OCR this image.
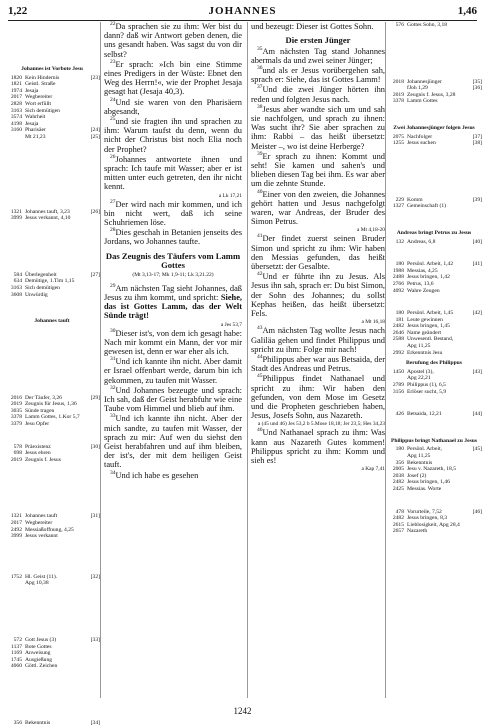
1,22	JOHANNES	1,46
Johannes ist Vorbote Jesu
1820 Kein Hindernis	[23]
1821 Geistl. Straße
1974 Jesaja
2017 Wegbereiter
2828 Wort erfüllt
3163 Sich demütigen
3574 Wahrheit
4198 Jesaja
3160 Pharisäer	[24]
Mt 21,23	[25]
1321 Johannes tauft, 3,23	[26]
3999 Jesus verkannt, 4,10
584 Überlegenheit	[27]
634 Demütige, 1.Tim 1,15
3163 Sich demütigen
3608 Unwürdig
Johannes tauft
2016 Der Täufer, 3,26	[29]
2019 Zeugnis für Jesus, 1,36
3035 Sünde tragen
3378 Lamm Gottes, 1.Kor 5,7
3379 Jesu Opfer
578 Präexistenz	[30]
698 Jesus ehren
2019 Zeugnis f. Jesus
1321 Johannes tauft	[31]
2017 Wegbereiter
2492 Messiaßoffnung, 4,25
3999 Jesus verkannt
1752 Hl. Geist (11).	[32]
Apg 10,38
572 Gott Jesus (3)	[33]
1137 Bote Gottes
1169 Anweisung
1745 Ausgießung
4060 Göttl. Zeichen
356 Bekenntnis	[34]

$^{22}$Da sprachen sie zu ihm: Wer bist du dann? daß wir Antwort geben denen, die uns gesandt haben. Was sagst du von dir selbst?

$^{23}$Er sprach: »Ich bin eine Stimme eines Predigers in der Wüste: Ebnet den Weg des Herrn!«, wie der Prophet Jesaja gesagt hat (Jesaja 40,3).

$^{24}$Und sie waren von den Pharisäern abgesandt,

$^{25}$und sie fragten ihn und sprachen zu ihm: Warum taufst du denn, wenn du nicht der Christus bist noch Elia noch der Prophet?

$^{26}$Johannes antwortete ihnen und sprach: Ich taufe mit Wasser; aber er ist mitten unter euch getreten, den ihr nicht kennt.

a Lk 17,21

$^{27}$Der wird nach mir kommen, und ich bin nicht wert, daß ich seine Schuhriemen löse.

$^{28}$Dies geschah in Betanien jenseits des Jordans, wo Johannes taufte.

Das Zeugnis des Täufers vom Lamm Gottes
(Mt 3,13-17; Mk 1,9-11; Lk 3,21.22)

$^{29}$Am nächsten Tag sieht Johannes, daß Jesus zu ihm kommt, und spricht: Siehe, das ist Gottes Lamm, das der Welt Sünde trägt!

a Jes 53,7

$^{30}$Dieser ist's, von dem ich gesagt habe: Nach mir kommt ein Mann, der vor mir gewesen ist, denn er war eher als ich.

$^{31}$Und ich kannte ihn nicht. Aber damit er Israel offenbart werde, darum bin ich gekommen, zu taufen mit Wasser.

$^{32}$Und Johannes bezeugte und sprach: Ich sah, daß der Geist herabfuhr wie eine Taube vom Himmel und blieb auf ihm.

$^{33}$Und ich kannte ihn nicht. Aber der mich sandte, zu taufen mit Wasser, der sprach zu mir: Auf wen du siehst den Geist herabfahren und auf ihm bleiben, der ist's, der mit dem heiligen Geist tauft.

$^{34}$Und ich habe es gesehen

und bezeugt: Dieser ist Gottes Sohn.

Die ersten Jünger

$^{35}$Am nächsten Tag stand Johannes abermals da und zwei seiner Jünger;

$^{36}$und als er Jesus vorübergehen sah, sprach er: Siehe, das ist Gottes Lamm!

$^{37}$Und die zwei Jünger hörten ihn reden und folgten Jesus nach.

$^{38}$Jesus aber wandte sich um und sah sie nachfolgen, und sprach zu ihnen: Was sucht ihr? Sie aber sprachen zu ihm: Rabbi – das heißt übersetzt: Meister –, wo ist deine Herberge?

$^{39}$Er sprach zu ihnen: Kommt und seht! Sie kamen und sahen's und blieben diesen Tag bei ihm. Es war aber um die zehnte Stunde.

$^{40}$Einer von den zweien, die Johannes gehört hatten und Jesus nachgefolgt waren, war Andreas, der Bruder des Simon Petrus.

a Mt 4,18-20

$^{41}$Der findet zuerst seinen Bruder Simon und spricht zu ihm: Wir haben den Messias gefunden, das heißt übersetzt: der Gesalbte.

$^{42}$Und er führte ihn zu Jesus. Als Jesus ihn sah, sprach er: Du bist Simon, der Sohn des Johannes; du sollst Kephas heißen, das heißt übersetzt: Fels.

a Mt 16,18

$^{43}$Am nächsten Tag wollte Jesus nach Galiläa gehen und findet Philippus und spricht zu ihm: Folge mir nach!

$^{44}$Philippus aber war aus Betsaida, der Stadt des Andreas und Petrus.

$^{45}$Philippus findet Nathanael und spricht zu ihm: Wir haben den gefunden, von dem Mose im Gesetz und die Propheten geschrieben haben, Jesus, Josefs Sohn, aus Nazareth.

a (45 und 46) Jes 53,2 b 5.Mose 18,18; Jer 23,5; Hes 34,23

$^{46}$Und Nathanael sprach zu ihm: Was kann aus Nazareth Gutes kommen! Philippus spricht zu ihm: Komm und sieh es!

a Kap 7,41
576 Gottes Sohn, 3,18
2018 Johannesjünger	[35]
fJoh 1,29	[36]
2019 Zeugnis f. Jesus, 3,28
3378 Lamm Gottes
Zwei Johannesjünger folgen Jesus
2075 Nachfolger	[37]
1255 Jesus suchen	[38]
229 Komm	[39]
1327 Gemeinschaft (1)
Andreas bringt Petrus zu Jesus
132 Andreas, 6,8	[40]
180 Persönl. Arbeit, 1,42	[41]
1988 Messias, 4,25
2488 Jesus bringen, 1,42
2766 Petrus, 13,6
4092 Wahre Zeugen
180 Persönl. Arbeit, 1,45	[42]
181 Leute gewinnen
2482 Jesus bringen, 1,45
2646 Name geändert
2588 Unwesentl. Bestand,
Apg 11,25
2992 Erkenntnis Jesu
Berufung des Philippus
1450 Apostel (3),	[43]
Apg 22,21
2789 Philippus (1), 6,5
3156 Erlöser sucht, 5,9
426 Betsaida, 12,21	[44]
Philippus bringt Nathanael zu Jesus
180 Persönl. Arbeit,	[45]
Apg 11,25
356 Bekenntnis
2005 Jesu v. Nazareth, 18,5
2038 Josef (2)
2482 Jesus bringen, 1,46
2425 Messias. Worte
478 Vorurteile, 7,52	[46]
2482 Jesus bringen, 8,3
2615 Lieblosigkeit, Apg 28,4
2657 Nazareth
1242
